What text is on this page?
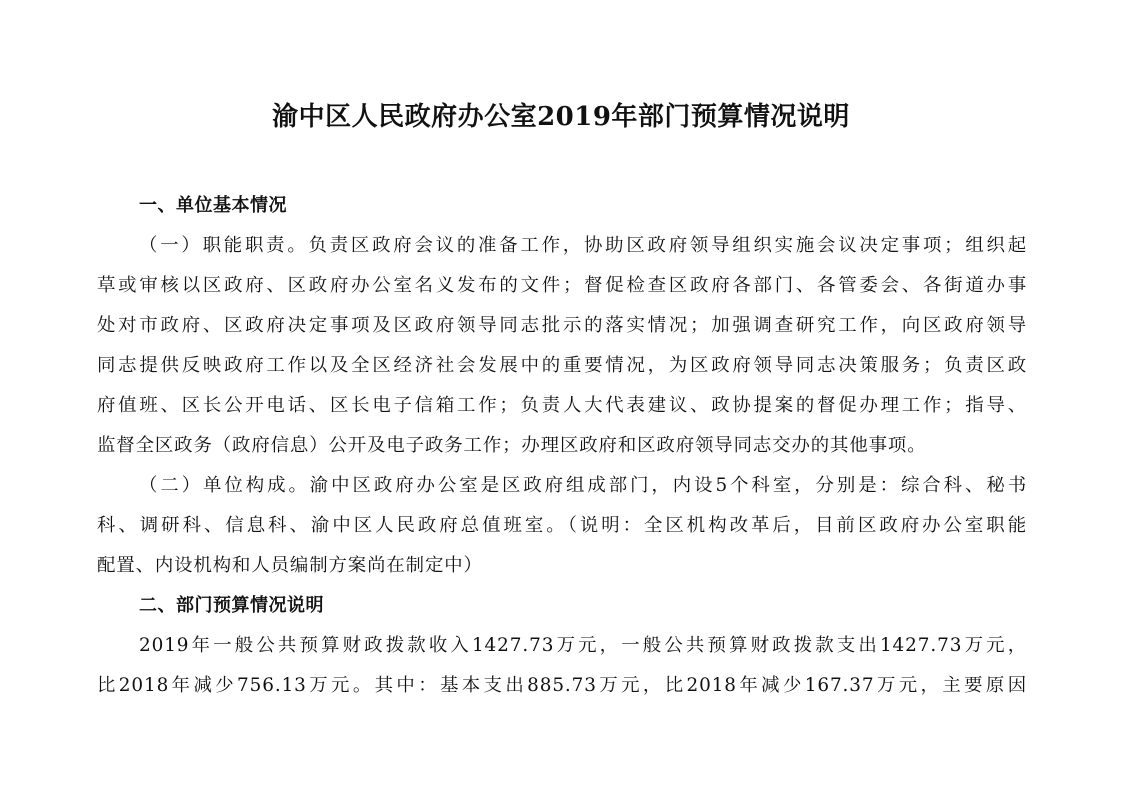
渝中区人民政府办公室2019年部门预算情况说明
一、单位基本情况
（一）职能职责。负责区政府会议的准备工作，协助区政府领导组织实施会议决定事项；组织起
草或审核以区政府、区政府办公室名义发布的文件；督促检查区政府各部门、各管委会、各街道办事
处对市政府、区政府决定事项及区政府领导同志批示的落实情况；加强调查研究工作，向区政府领导
同志提供反映政府工作以及全区经济社会发展中的重要情况，为区政府领导同志决策服务；负责区政
府值班、区长公开电话、区长电子信箱工作；负责人大代表建议、政协提案的督促办理工作；指导、
监督全区政务（政府信息）公开及电子政务工作；办理区政府和区政府领导同志交办的其他事项。
（二）单位构成。渝中区政府办公室是区政府组成部门，内设5个科室，分别是：综合科、秘书
科、调研科、信息科、渝中区人民政府总值班室。（说明：全区机构改革后，目前区政府办公室职能
配置、内设机构和人员编制方案尚在制定中）
二、部门预算情况说明
2019年一般公共预算财政拨款收入1427.73万元，一般公共预算财政拨款支出1427.73万元，
比2018年减少756.13万元。其中：基本支出885.73万元，比2018年减少167.37万元，主要原因
